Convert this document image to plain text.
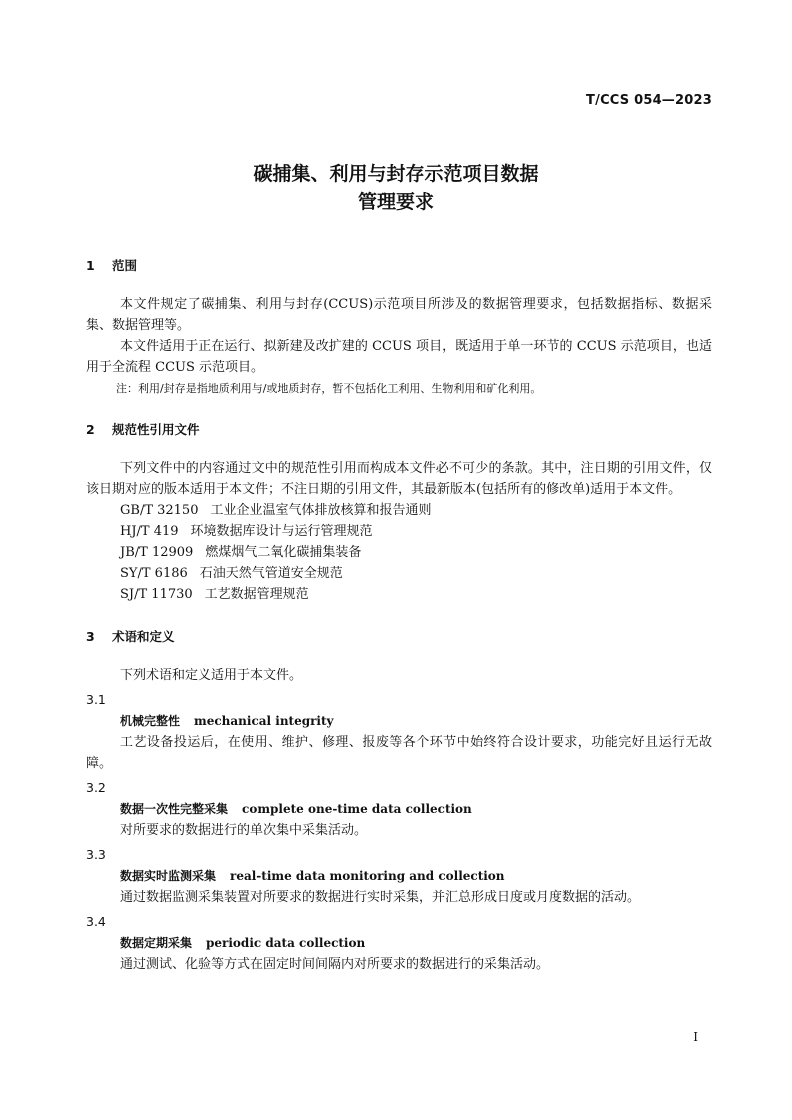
T/CCS 054—2023
碳捕集、利用与封存示范项目数据
管理要求
1 范围

本文件规定了碳捕集、利用与封存(CCUS)示范项目所涉及的数据管理要求，包括数据指标、数据采集、数据管理等。

本文件适用于正在运行、拟新建及改扩建的 CCUS 项目，既适用于单一环节的 CCUS 示范项目，也适用于全流程 CCUS 示范项目。

注：利用/封存是指地质利用与/或地质封存，暂不包括化工利用、生物利用和矿化利用。
2 规范性引用文件

下列文件中的内容通过文中的规范性引用而构成本文件必不可少的条款。其中，注日期的引用文件，仅该日期对应的版本适用于本文件；不注日期的引用文件，其最新版本(包括所有的修改单)适用于本文件。

GB/T 32150 工业企业温室气体排放核算和报告通则
HJ/T 419 环境数据库设计与运行管理规范
JB/T 12909 燃煤烟气二氧化碳捕集装备
SY/T 6186 石油天然气管道安全规范
SJ/T 11730 工艺数据管理规范
3 术语和定义

下列术语和定义适用于本文件。

3.1
机械完整性 mechanical integrity

工艺设备投运后，在使用、维护、修理、报废等各个环节中始终符合设计要求，功能完好且运行无故障。

3.2
数据一次性完整采集 complete one-time data collection

对所要求的数据进行的单次集中采集活动。

3.3
数据实时监测采集 real-time data monitoring and collection

通过数据监测采集装置对所要求的数据进行实时采集，并汇总形成日度或月度数据的活动。

3.4
数据定期采集 periodic data collection

通过测试、化验等方式在固定时间间隔内对所要求的数据进行的采集活动。

I
